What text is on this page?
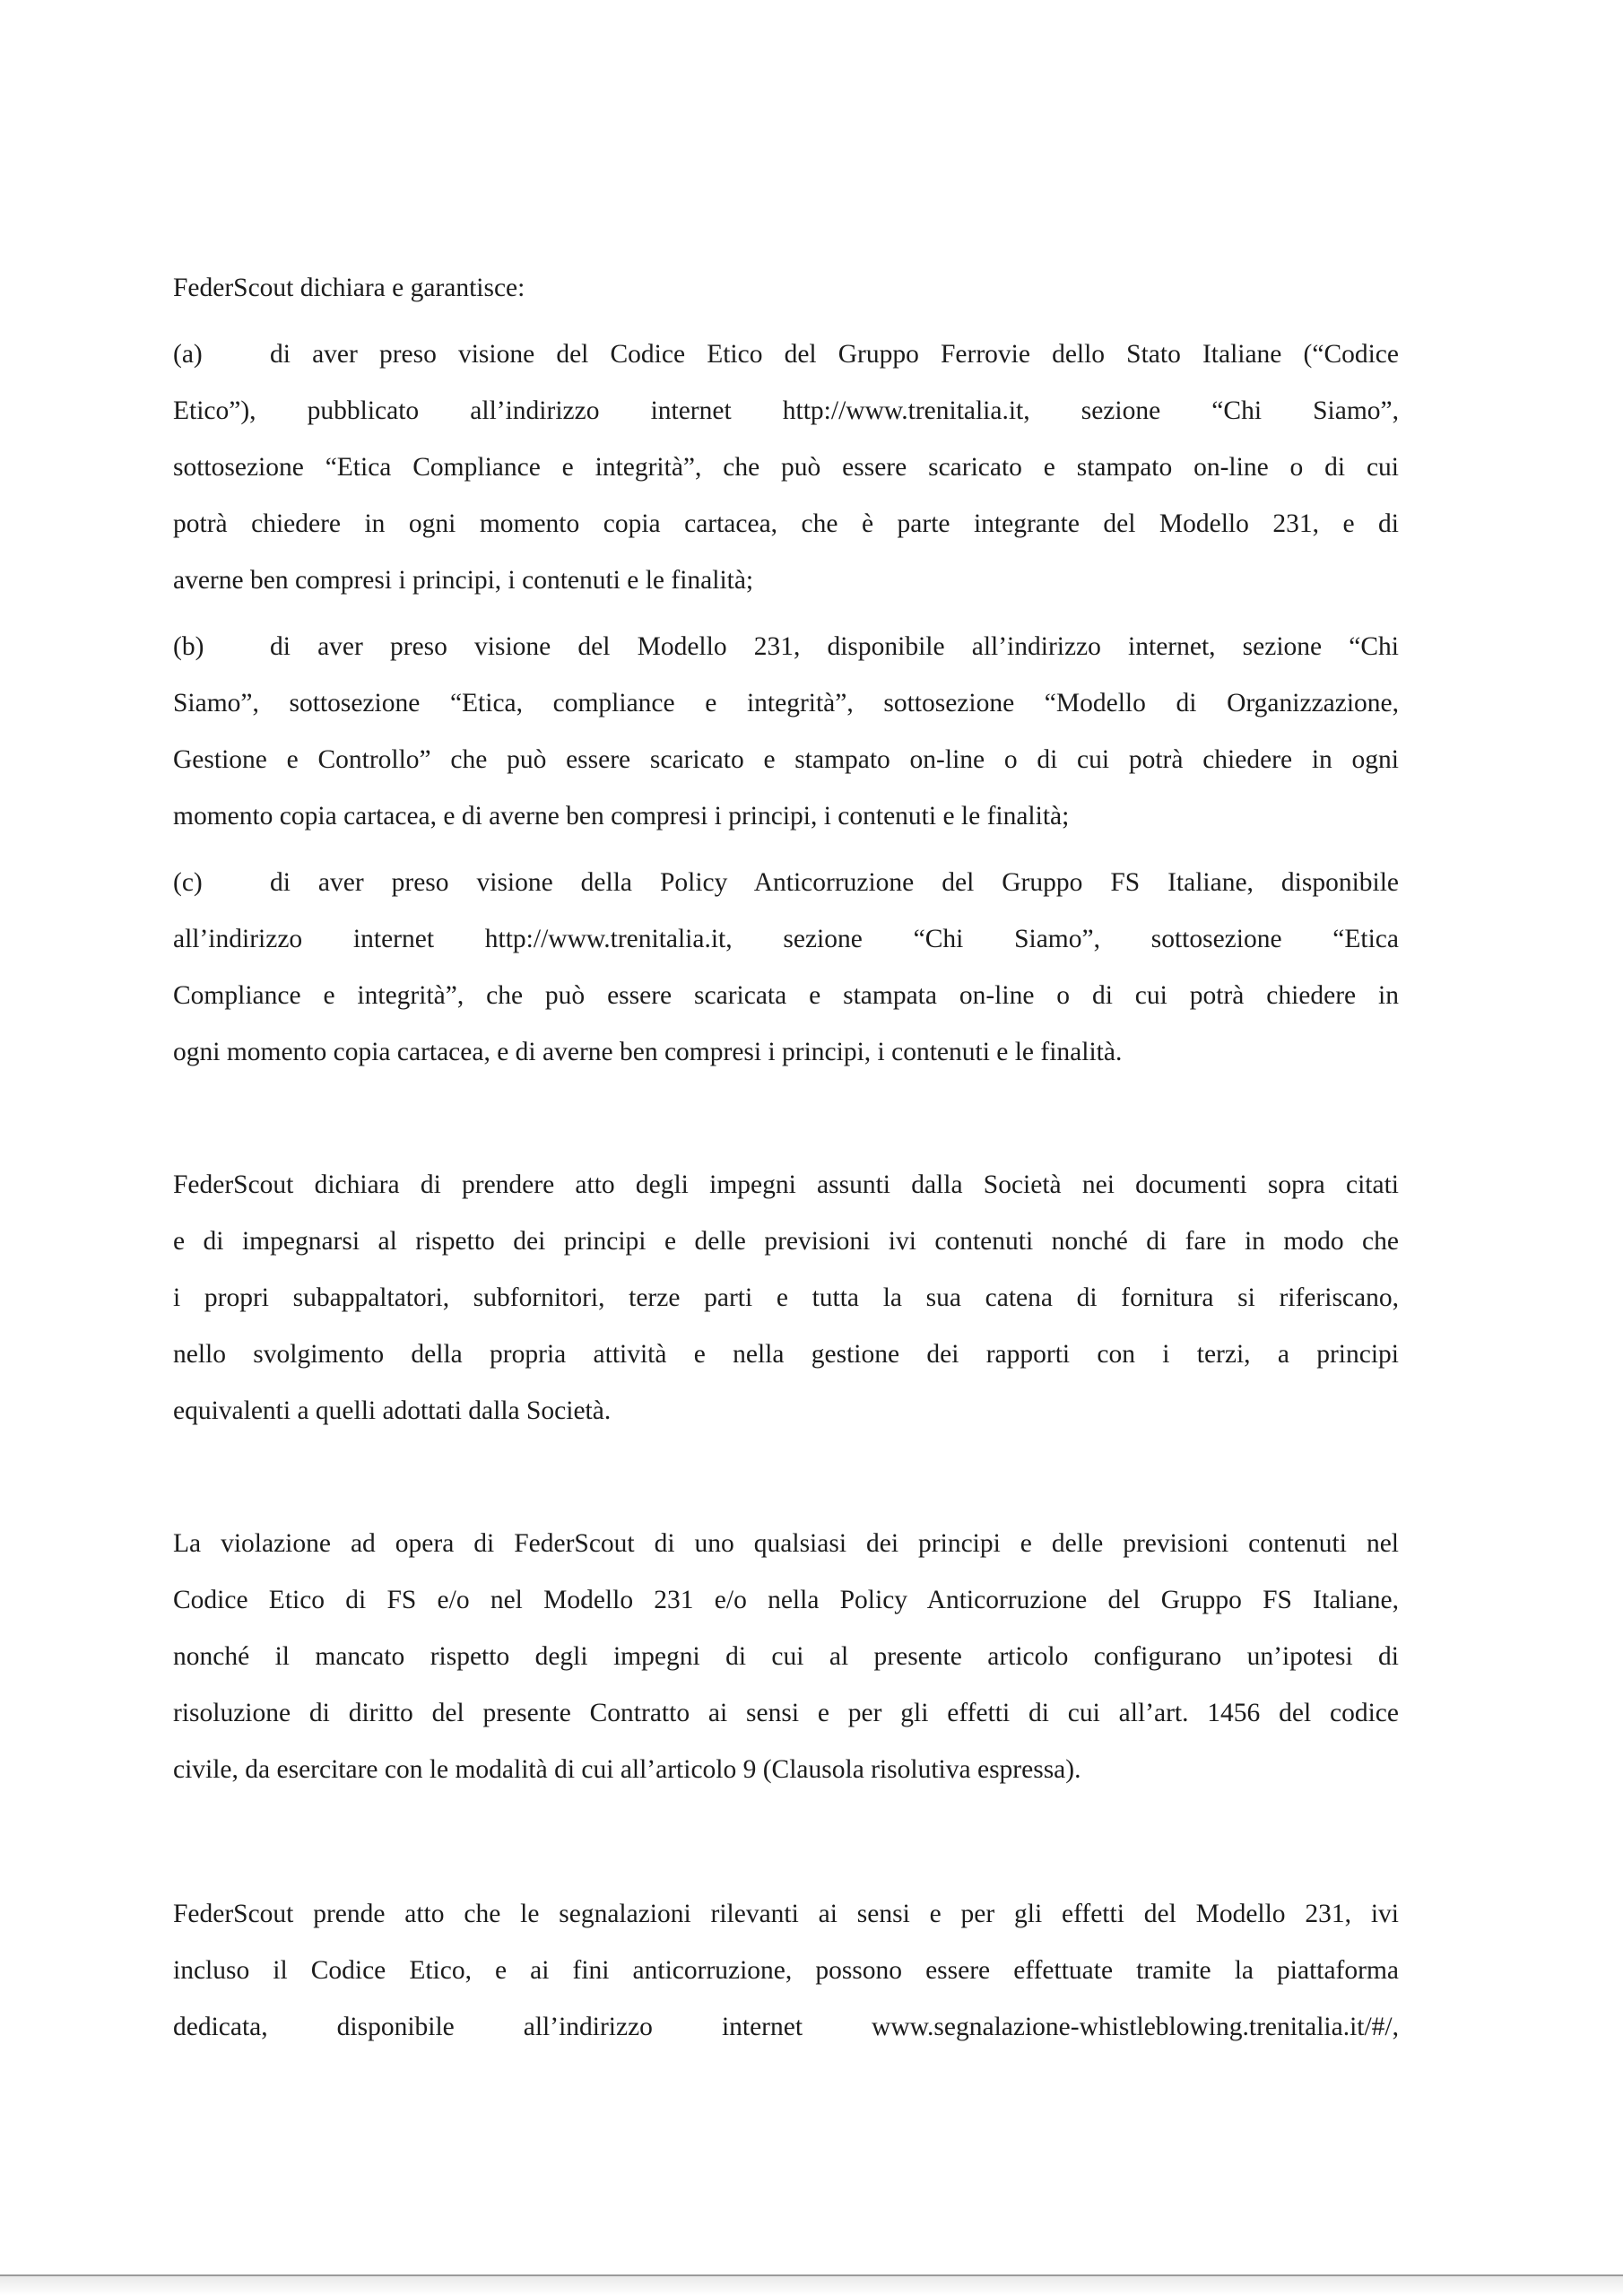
FederScout dichiara e garantisce:
(a)	di aver preso visione del Codice Etico del Gruppo Ferrovie dello Stato Italiane (“Codice
Etico”), pubblicato all’indirizzo internet http://www.trenitalia.it, sezione “Chi Siamo”,
sottosezione “Etica Compliance e integrità”, che può essere scaricato e stampato on-line o di cui
potrà chiedere in ogni momento copia cartacea, che è parte integrante del Modello 231, e di
averne ben compresi i principi, i contenuti e le finalità;
(b) di aver preso visione del Modello 231, disponibile all’indirizzo internet, sezione “Chi
Siamo”, sottosezione “Etica, compliance e integrità”, sottosezione “Modello di Organizzazione,
Gestione e Controllo” che può essere scaricato e stampato on-line o di cui potrà chiedere in ogni
momento copia cartacea, e di averne ben compresi i principi, i contenuti e le finalità;
(c)	di aver preso visione della Policy Anticorruzione del Gruppo FS Italiane, disponibile
all’indirizzo internet http://www.trenitalia.it, sezione “Chi Siamo”, sottosezione “Etica
Compliance e integrità”, che può essere scaricata e stampata on-line o di cui potrà chiedere in
ogni momento copia cartacea, e di averne ben compresi i principi, i contenuti e le finalità.
FederScout dichiara di prendere atto degli impegni assunti dalla Società nei documenti sopra citati
e di impegnarsi al rispetto dei principi e delle previsioni ivi contenuti nonché di fare in modo che
i propri subappaltatori, subfornitori, terze parti e tutta la sua catena di fornitura si riferiscano,
nello svolgimento della propria attività e nella gestione dei rapporti con i terzi, a principi
equivalenti a quelli adottati dalla Società.
La violazione ad opera di FederScout di uno qualsiasi dei principi e delle previsioni contenuti nel
Codice Etico di FS e/o nel Modello 231 e/o nella Policy Anticorruzione del Gruppo FS Italiane,
nonché il mancato rispetto degli impegni di cui al presente articolo configurano un’ipotesi di
risoluzione di diritto del presente Contratto ai sensi e per gli effetti di cui all’art. 1456 del codice
civile, da esercitare con le modalità di cui all’articolo 9 (Clausola risolutiva espressa).
FederScout prende atto che le segnalazioni rilevanti ai sensi e per gli effetti del Modello 231, ivi
incluso il Codice Etico, e ai fini anticorruzione, possono essere effettuate tramite la piattaforma
dedicata, disponibile all’indirizzo internet www.segnalazione-whistleblowing.trenitalia.it/#/,
